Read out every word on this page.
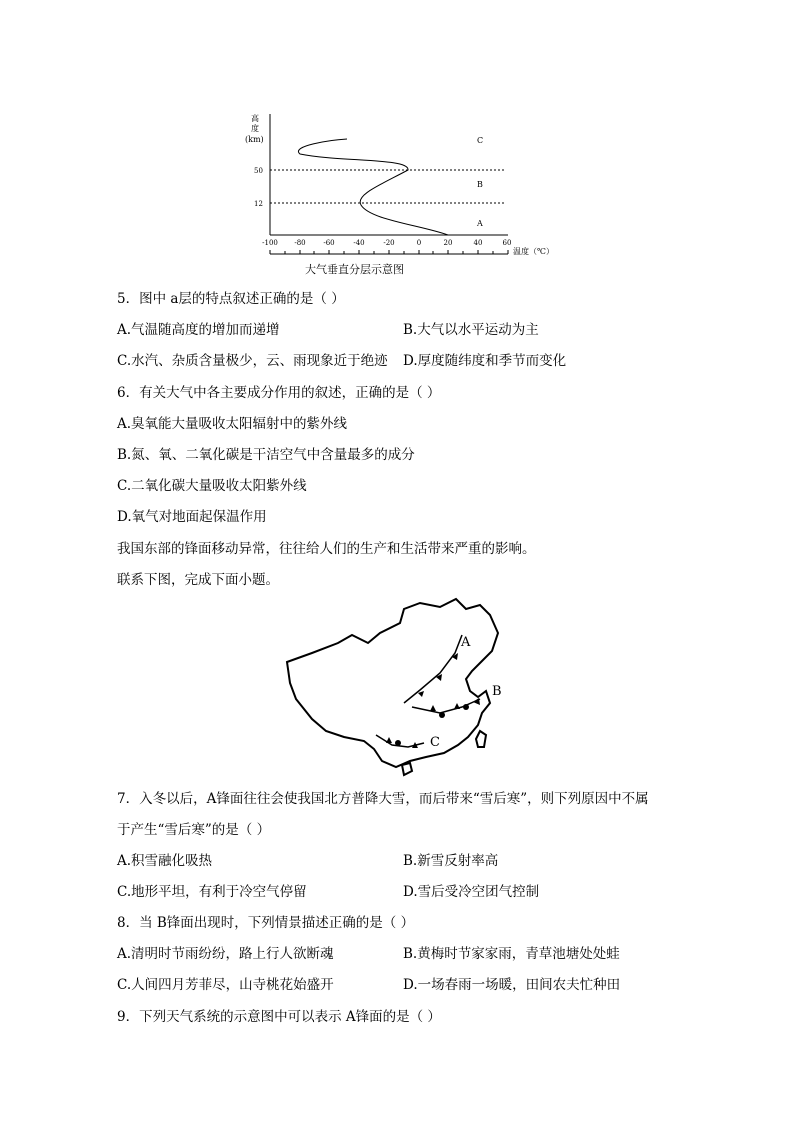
高
度
(km)
50
12
-100 -80	-60	-40	-20	0	20	40	60
温度（℃）
C
B
A
大气垂直分层示意图
5．图中 a层的特点叙述正确的是（ ）
A.气温随高度的增加而递增	B.大气以水平运动为主
C.水汽、杂质含量极少，云、雨现象近于绝迹 D.厚度随纬度和季节而变化
6．有关大气中各主要成分作用的叙述，正确的是（ ）
A.臭氧能大量吸收太阳辐射中的紫外线
B.氮、氧、二氧化碳是干洁空气中含量最多的成分
C.二氧化碳大量吸收太阳紫外线
D.氧气对地面起保温作用
我国东部的锋面移动异常，往往给人们的生产和生活带来严重的影响。
联系下图，完成下面小题。
A
B
C
7．入冬以后，A锋面往往会使我国北方普降大雪，而后带来“雪后寒”，则下列原因中不属
于产生“雪后寒”的是（ ）
A.积雪融化吸热	B.新雪反射率高
C.地形平坦，有利于冷空气停留	D.雪后受冷空团气控制
8．当 B锋面出现时，下列情景描述正确的是（ ）
A.清明时节雨纷纷，路上行人欲断魂	B.黄梅时节家家雨，青草池塘处处蛙
C.人间四月芳菲尽，山寺桃花始盛开	D.一场春雨一场暖，田间农夫忙种田
9．下列天气系统的示意图中可以表示 A锋面的是（ ）
